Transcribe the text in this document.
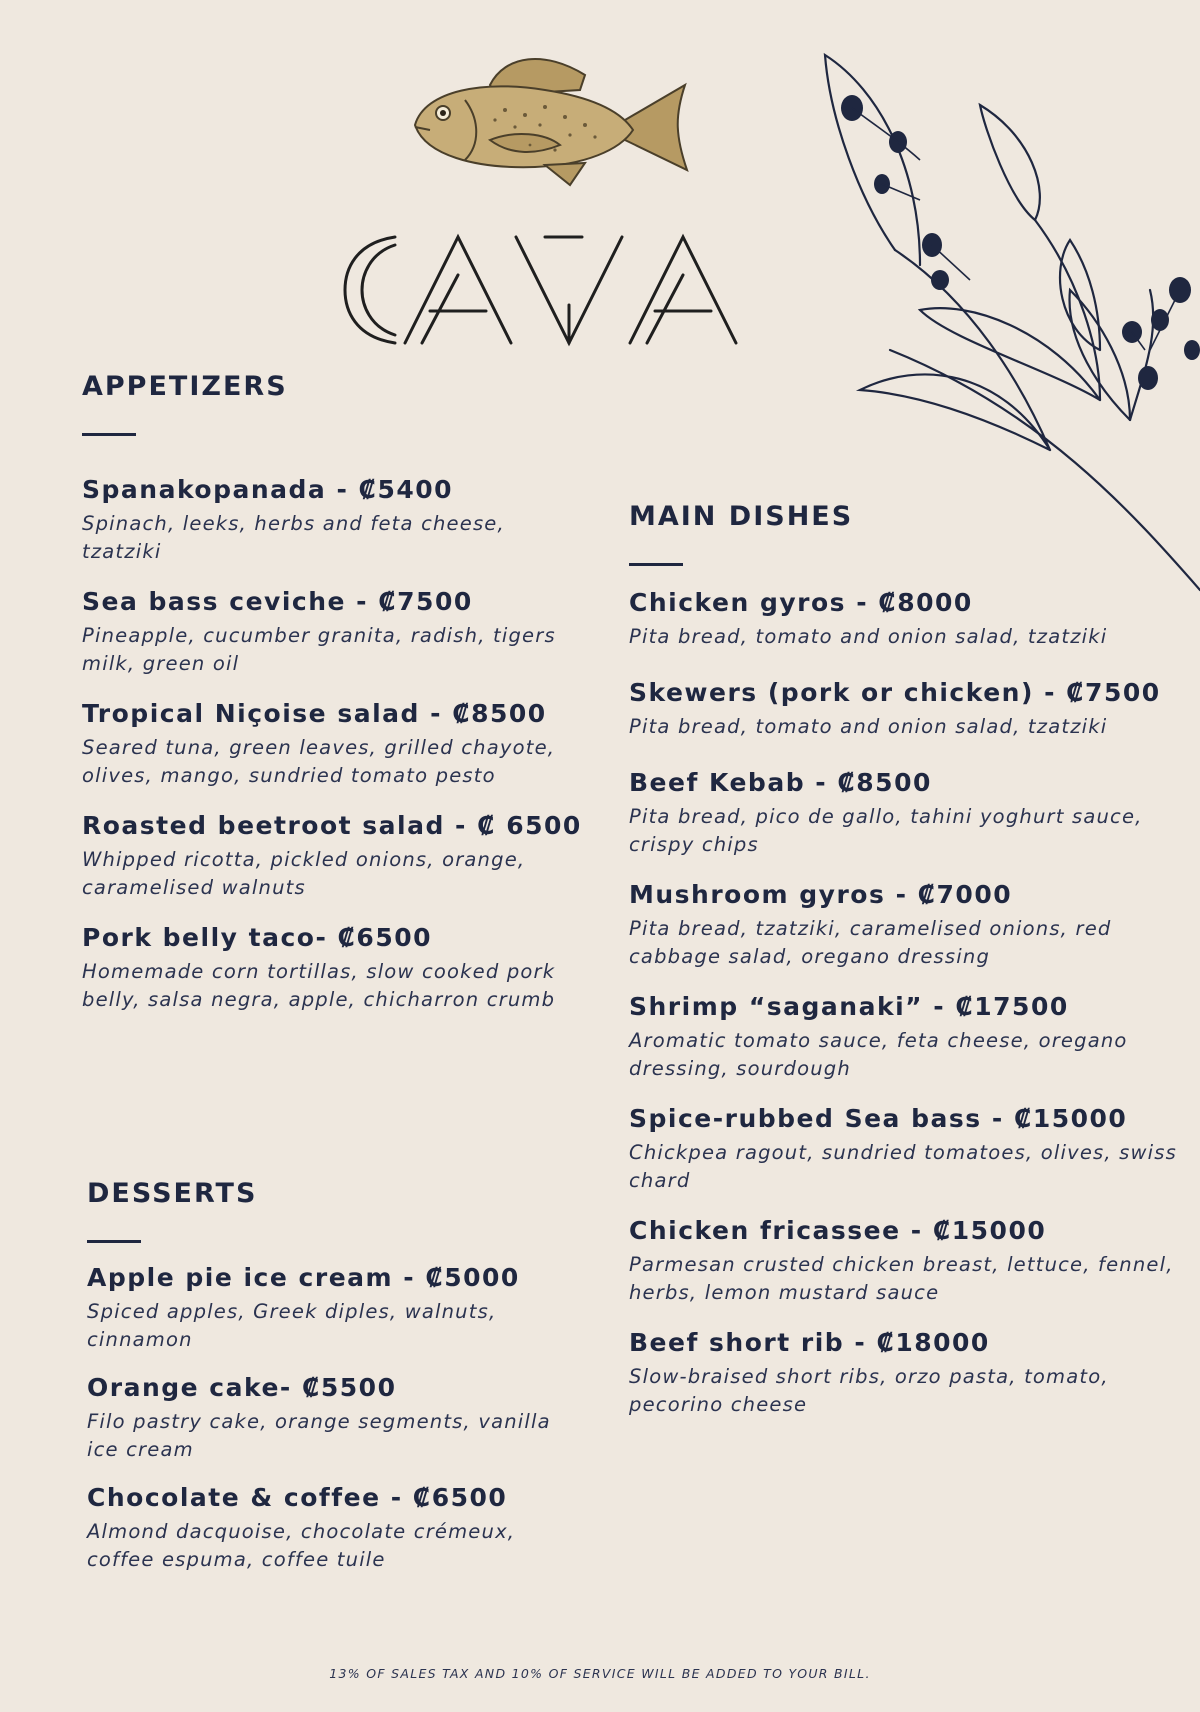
APPETIZERS
Spanakopanada - ₡5400
Spinach, leeks, herbs and feta cheese, tzatziki
Sea bass ceviche - ₡7500
Pineapple, cucumber granita, radish, tigers milk, green oil
Tropical Niçoise salad - ₡8500
Seared tuna, green leaves, grilled chayote, olives, mango, sundried tomato pesto
Roasted beetroot salad - ₡ 6500
Whipped ricotta, pickled onions, orange, caramelised walnuts
Pork belly taco- ₡6500
Homemade corn tortillas, slow cooked pork belly, salsa negra, apple, chicharron crumb
MAIN DISHES
Chicken gyros - ₡8000
Pita bread, tomato and onion salad, tzatziki
Skewers (pork or chicken) - ₡7500
Pita bread, tomato and onion salad, tzatziki
Beef Kebab - ₡8500
Pita bread, pico de gallo, tahini yoghurt sauce, crispy chips
Mushroom gyros - ₡7000
Pita bread, tzatziki, caramelised onions, red cabbage salad, oregano dressing
Shrimp “saganaki” - ₡17500
Aromatic tomato sauce, feta cheese, oregano dressing, sourdough
Spice-rubbed Sea bass - ₡15000
Chickpea ragout, sundried tomatoes, olives, swiss chard
Chicken fricassee - ₡15000
Parmesan crusted chicken breast, lettuce, fennel, herbs, lemon mustard sauce
Beef short rib - ₡18000
Slow-braised short ribs, orzo pasta, tomato, pecorino cheese
DESSERTS
Apple pie ice cream - ₡5000
Spiced apples, Greek diples, walnuts, cinnamon
Orange cake- ₡5500
Filo pastry cake, orange segments, vanilla ice cream
Chocolate & coffee - ₡6500
Almond dacquoise, chocolate crémeux, coffee espuma, coffee tuile
13% OF SALES TAX AND 10% OF SERVICE WILL BE ADDED TO YOUR BILL.
